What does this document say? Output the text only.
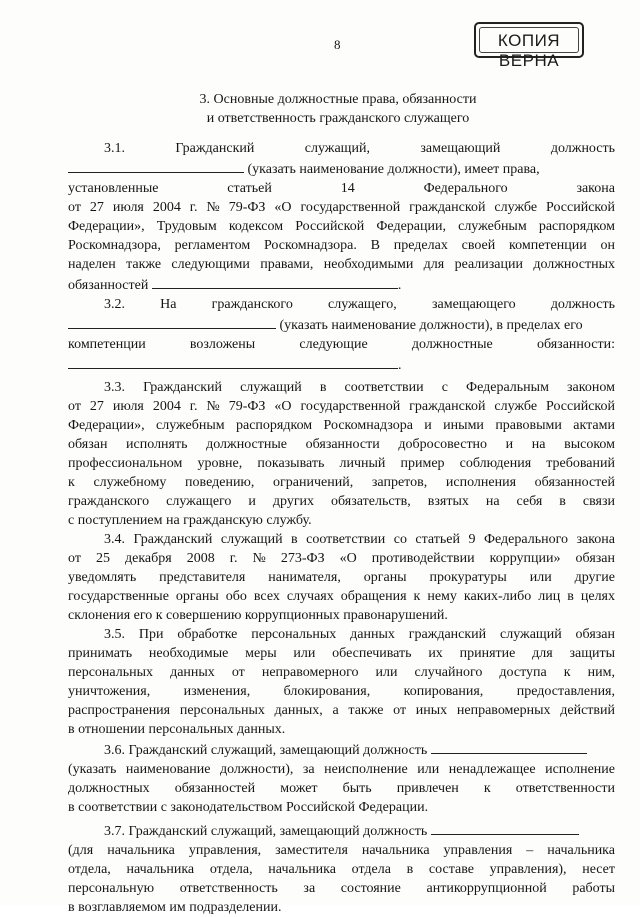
8	КОПИЯ ВЕРНА
3. Основные должностные права, обязанности
и ответственность гражданского служащего
3.1.	Гражданский	служащий,	замещающий	должность
(указать наименование должности), имеет права,
установленные	статьей	14	Федерального	закона
от 27 июля 2004 г. № 79-ФЗ «О государственной гражданской службе Российской
Федерации», Трудовым кодексом Российской Федерации, служебным распорядком
Роскомнадзора, регламентом Роскомнадзора. В пределах своей компетенции он
наделен также следующими правами, необходимыми для реализации должностных
обязанностей	.
3.2.	На	гражданского	служащего,	замещающего	должность
(указать наименование должности), в пределах его
компетенции	возложены	следующие	должностные	обязанности:
.
3.3. Гражданский служащий в соответствии с Федеральным законом
от 27 июля 2004 г. № 79-ФЗ «О государственной гражданской службе Российской
Федерации», служебным распорядком Роскомнадзора и иными правовыми актами
обязан исполнять должностные обязанности добросовестно и на высоком
профессиональном уровне, показывать личный пример соблюдения требований
к служебному поведению, ограничений, запретов, исполнения обязанностей
гражданского служащего и других обязательств, взятых на себя в связи
с поступлением на гражданскую службу.
3.4. Гражданский служащий в соответствии со статьей 9 Федерального закона
от 25 декабря 2008 г. № 273-ФЗ «О противодействии коррупции» обязан
уведомлять представителя нанимателя, органы прокуратуры или другие
государственные органы обо всех случаях обращения к нему каких-либо лиц в целях
склонения его к совершению коррупционных правонарушений.
3.5. При обработке персональных данных гражданский служащий обязан
принимать необходимые меры или обеспечивать их принятие для защиты
персональных данных от неправомерного или случайного доступа к ним,
уничтожения, изменения, блокирования, копирования, предоставления,
распространения персональных данных, а также от иных неправомерных действий
в отношении персональных данных.
3.6. Гражданский служащий, замещающий должность
(указать наименование должности), за неисполнение или ненадлежащее исполнение
должностных обязанностей может быть привлечен к ответственности
в соответствии с законодательством Российской Федерации.
3.7. Гражданский служащий, замещающий должность
(для начальника управления, заместителя начальника управления – начальника
отдела, начальника отдела, начальника отдела в составе управления), несет
персональную ответственность за состояние антикоррупционной работы
в возглавляемом им подразделении.
